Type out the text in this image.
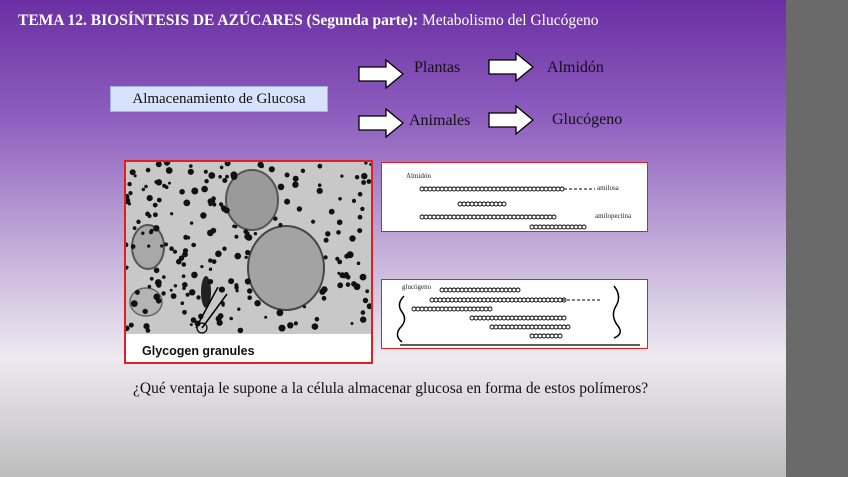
TEMA 12. BIOSÍNTESIS DE AZÚCARES (Segunda parte): Metabolismo del Glucógeno
Almacenamiento de Glucosa
Plantas	Almidón
Animales	Glucógeno
Glycogen granules
Almidón
amilosa
amilopectina
glucógeno
¿Qué ventaja le supone a la célula almacenar glucosa en forma de estos polímeros?
